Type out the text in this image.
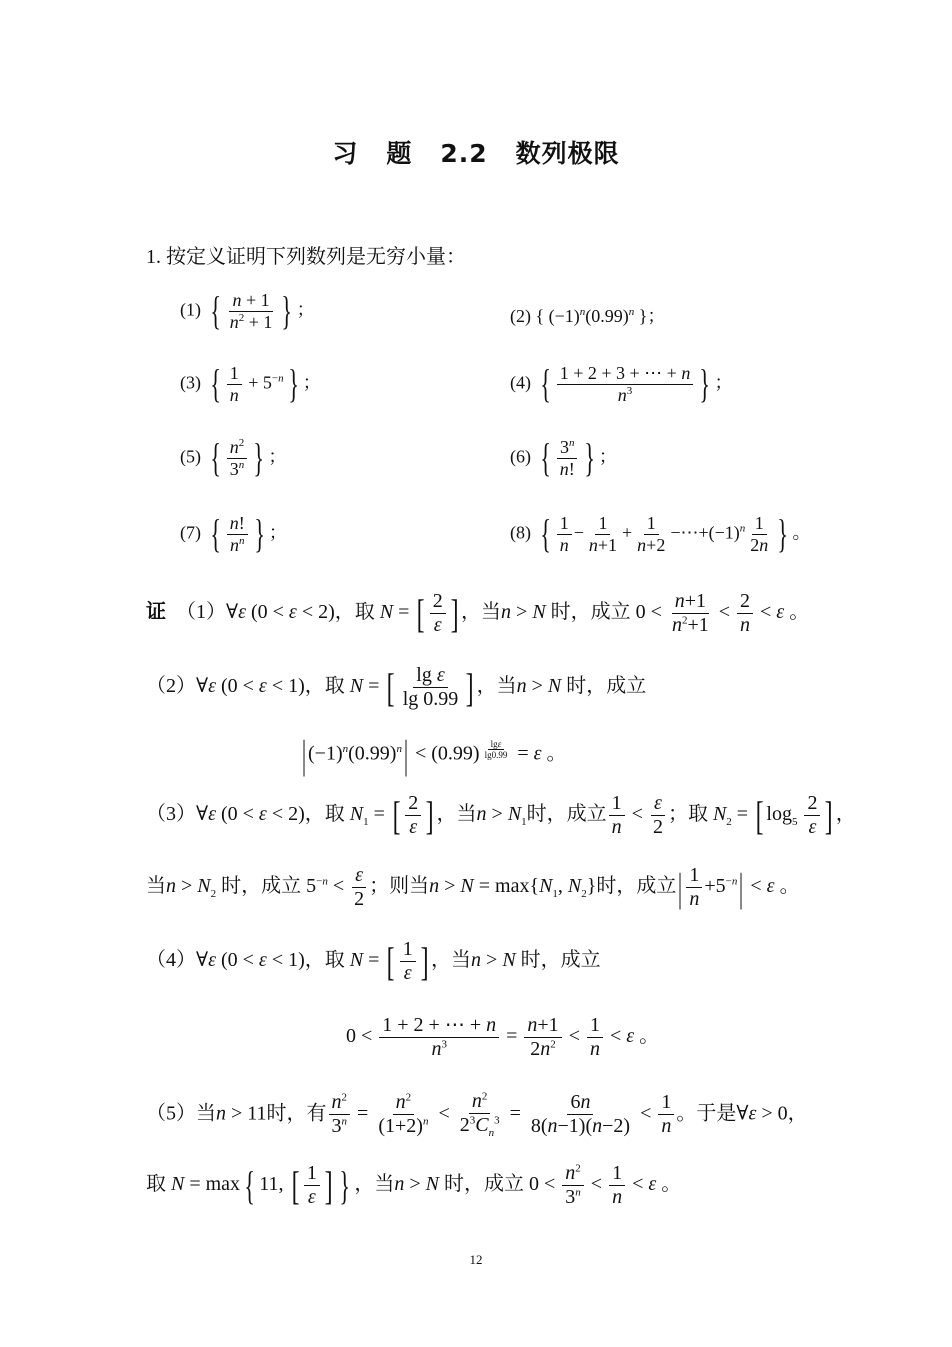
习 题 2.2 数列极限
1. 按定义证明下列数列是无穷小量：
(1) { $\frac{n + 1}{n^2 + 1}$ } ；	(2) { $(-1)^n(0.99)^n$ }；
(3) { $\frac{1}{n} + 5^{-n}$ } ；	(4) { $\frac{1 + 2 + 3 + \cdots + n}{n^3}$ } ；
(5) { $\frac{n^2}{3^n}$ } ；	(6) { $\frac{3^n}{n!}$ } ；
(7) { $\frac{n!}{n^n}$ } ；	(8) { $\frac{1}{n} - \frac{1}{n+1} + \frac{1}{n+2}$ $-\cdots+(-1)^n \frac{1}{2n}$ } 。
证 （1）∀ε (0 < ε < 2)，取 N = [ $\frac{2}{\varepsilon}$ ] ，当n > N 时，成立 $0 < \frac{n+1}{n^2+1} < \frac{2}{n} < \varepsilon$ 。
（2）∀ε (0 < ε < 1)，取 N = [ $\frac{\text{lg ε}}{\lg 0.99}$ ] ，当n > N 时，成立
| $(-1)^n(0.99)^n| < (0.99) ^{\frac{\lg\varepsilon}{\lg 0.99}} = \varepsilon$ 。
（3）∀ε (0 < ε < 2)，取 $N_1$ = [ $\frac{2}{\varepsilon}$ ] ，当$n > N_1$时，成立 $\frac{1}{n} < \frac{\varepsilon}{2}$ ；取 $N_2$ = [ $\log_5 \frac{2}{\varepsilon}$ ] ，
当$n > N_2$ 时，成立 $5^{-n} < \frac{\varepsilon}{2}$ ；则当$n > N = \max\{N_1$, $N_2$}时，成立| $\frac{1}{n} +5^{-n}| < \varepsilon$ 。
（4）∀ε (0 < ε < 1)，取 N = [ $\frac{1}{\varepsilon}$ ] ，当n > N 时，成立
$0 < \frac{1 + 2 + \cdots + n}{n^3} = \frac{n+1}{2n^2} < \frac{1}{n} < \varepsilon$ 。
（5）当n > 11时，有 $\frac{n^2}{3^n} = \frac{n^2}{(1+2)^n} < \frac{n^2}{2^3C_n^3} = \frac{6n}{8(n-1)(n-2)} < \frac{1}{n}$ 。于是∀ε > 0，
取 N = max { 11, [ $\frac{1}{\varepsilon}$ ] } ，当n > N 时，成立 $0 < \frac{n^2}{3^n} < \frac{1}{n} < \varepsilon$ 。
12
